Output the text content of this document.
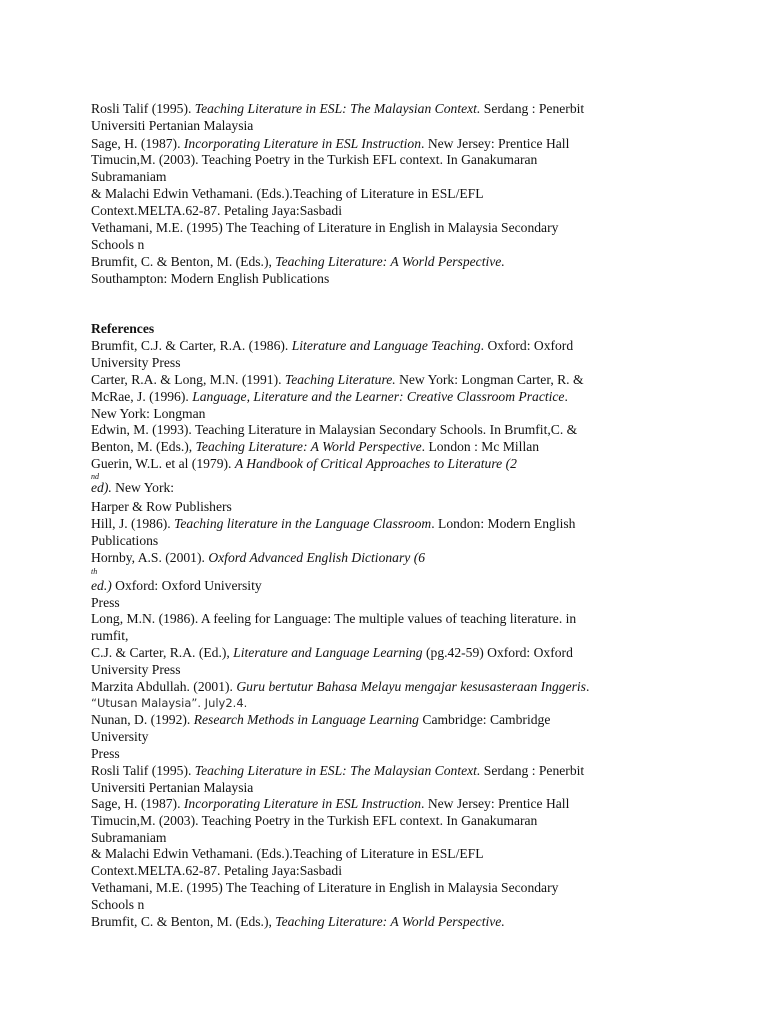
Rosli Talif (1995). Teaching Literature in ESL: The Malaysian Context. Serdang : Penerbit
Universiti Pertanian Malaysia
Sage, H. (1987). Incorporating Literature in ESL Instruction. New Jersey: Prentice Hall
Timucin,M. (2003). Teaching Poetry in the Turkish EFL context. In Ganakumaran
Subramaniam
& Malachi Edwin Vethamani. (Eds.).Teaching of Literature in ESL/EFL
Context.MELTA.62-87. Petaling Jaya:Sasbadi
Vethamani, M.E. (1995) The Teaching of Literature in English in Malaysia Secondary
Schools n
Brumfit, C. & Benton, M. (Eds.), Teaching Literature: A World Perspective.
Southampton: Modern English Publications
References
Brumfit, C.J. & Carter, R.A. (1986). Literature and Language Teaching. Oxford: Oxford
University Press
Carter, R.A. & Long, M.N. (1991). Teaching Literature. New York: Longman Carter, R. &
McRae, J. (1996). Language, Literature and the Learner: Creative Classroom Practice.
New York: Longman
Edwin, M. (1993). Teaching Literature in Malaysian Secondary Schools. In Brumfit,C. &
Benton, M. (Eds.), Teaching Literature: A World Perspective. London : Mc Millan
Guerin, W.L. et al (1979). A Handbook of Critical Approaches to Literature (2
ed). New York:
Harper & Row Publishers
Hill, J. (1986). Teaching literature in the Language Classroom. London: Modern English
Publications
Hornby, A.S. (2001). Oxford Advanced English Dictionary (6
ed.) Oxford: Oxford University
Press
Long, M.N. (1986). A feeling for Language: The multiple values of teaching literature. in
rumfit,
C.J. & Carter, R.A. (Ed.), Literature and Language Learning (pg.42-59) Oxford: Oxford
University Press
Marzita Abdullah. (2001). Guru bertutur Bahasa Melayu mengajar kesusasteraan Inggeris.
“Utusan Malaysia”. July2.4.
Nunan, D. (1992). Research Methods in Language Learning Cambridge: Cambridge
University
Press
Rosli Talif (1995). Teaching Literature in ESL: The Malaysian Context. Serdang : Penerbit
Universiti Pertanian Malaysia
Sage, H. (1987). Incorporating Literature in ESL Instruction. New Jersey: Prentice Hall
Timucin,M. (2003). Teaching Poetry in the Turkish EFL context. In Ganakumaran
Subramaniam
& Malachi Edwin Vethamani. (Eds.).Teaching of Literature in ESL/EFL
Context.MELTA.62-87. Petaling Jaya:Sasbadi
Vethamani, M.E. (1995) The Teaching of Literature in English in Malaysia Secondary
Schools n
Brumfit, C. & Benton, M. (Eds.), Teaching Literature: A World Perspective.
nd
th
